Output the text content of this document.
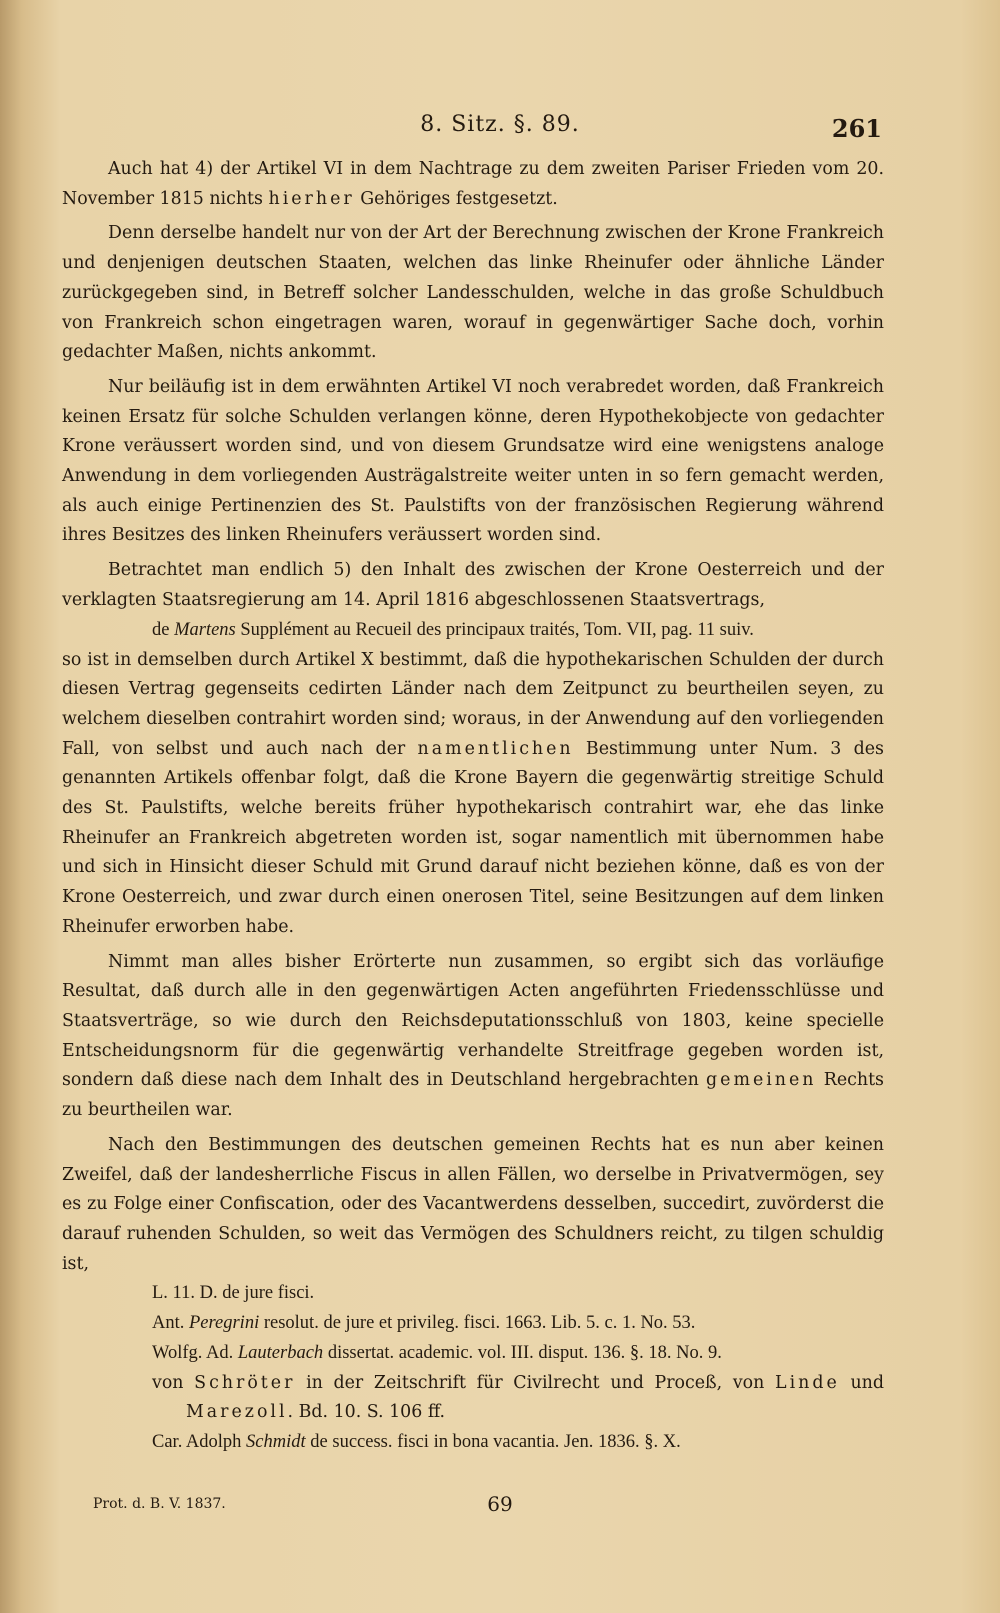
8. Sitz. §. 89.	261

Auch hat 4) der Artikel VI in dem Nachtrage zu dem zweiten Pariser Frieden vom 20. November 1815 nichts hierher Gehöriges festgesetzt.

Denn derselbe handelt nur von der Art der Berechnung zwischen der Krone Frankreich und denjenigen deutschen Staaten, welchen das linke Rheinufer oder ähnliche Länder zurückgegeben sind, in Betreff solcher Landesschulden, welche in das große Schuldbuch von Frankreich schon eingetragen waren, worauf in gegenwärtiger Sache doch, vorhin gedachter Maßen, nichts ankommt.

Nur beiläufig ist in dem erwähnten Artikel VI noch verabredet worden, daß Frankreich keinen Ersatz für solche Schulden verlangen könne, deren Hypothekobjecte von gedachter Krone veräussert worden sind, und von diesem Grundsatze wird eine wenigstens analoge Anwendung in dem vorliegenden Austrägalstreite weiter unten in so fern gemacht werden, als auch einige Pertinenzien des St. Paulstifts von der französischen Regierung während ihres Besitzes des linken Rheinufers veräussert worden sind.

Betrachtet man endlich 5) den Inhalt des zwischen der Krone Oesterreich und der verklagten Staatsregierung am 14. April 1816 abgeschlossenen Staatsvertrags,

de Martens Supplément au Recueil des principaux traités, Tom. VII, pag. 11 suiv.

so ist in demselben durch Artikel X bestimmt, daß die hypothekarischen Schulden der durch diesen Vertrag gegenseits cedirten Länder nach dem Zeitpunct zu beurtheilen seyen, zu welchem dieselben contrahirt worden sind; woraus, in der Anwendung auf den vorliegenden Fall, von selbst und auch nach der namentlichen Bestimmung unter Num. 3 des genannten Artikels offenbar folgt, daß die Krone Bayern die gegenwärtig streitige Schuld des St. Paulstifts, welche bereits früher hypothekarisch contrahirt war, ehe das linke Rheinufer an Frankreich abgetreten worden ist, sogar namentlich mit übernommen habe und sich in Hinsicht dieser Schuld mit Grund darauf nicht beziehen könne, daß es von der Krone Oesterreich, und zwar durch einen onerosen Titel, seine Besitzungen auf dem linken Rheinufer erworben habe.

Nimmt man alles bisher Erörterte nun zusammen, so ergibt sich das vorläufige Resultat, daß durch alle in den gegenwärtigen Acten angeführten Friedensschlüsse und Staatsverträge, so wie durch den Reichsdeputationsschluß von 1803, keine specielle Entscheidungsnorm für die gegenwärtig verhandelte Streitfrage gegeben worden ist, sondern daß diese nach dem Inhalt des in Deutschland hergebrachten gemeinen Rechts zu beurtheilen war.

Nach den Bestimmungen des deutschen gemeinen Rechts hat es nun aber keinen Zweifel, daß der landesherrliche Fiscus in allen Fällen, wo derselbe in Privatvermögen, sey es zu Folge einer Confiscation, oder des Vacantwerdens desselben, succedirt, zuvörderst die darauf ruhenden Schulden, so weit das Vermögen des Schuldners reicht, zu tilgen schuldig ist,

L. 11. D. de jure fisci.
Ant. Peregrini resolut. de jure et privileg. fisci. 1663. Lib. 5. c. 1. No. 53.
Wolfg. Ad. Lauterbach dissertat. academic. vol. III. disput. 136. §. 18. No. 9.
von Schröter in der Zeitschrift für Civilrecht und Proceß, von Linde und Marezoll. Bd. 10. S. 106 ff.
Car. Adolph Schmidt de success. fisci in bona vacantia. Jen. 1836. §. X.
Prot. d. B. V. 1837.	69
